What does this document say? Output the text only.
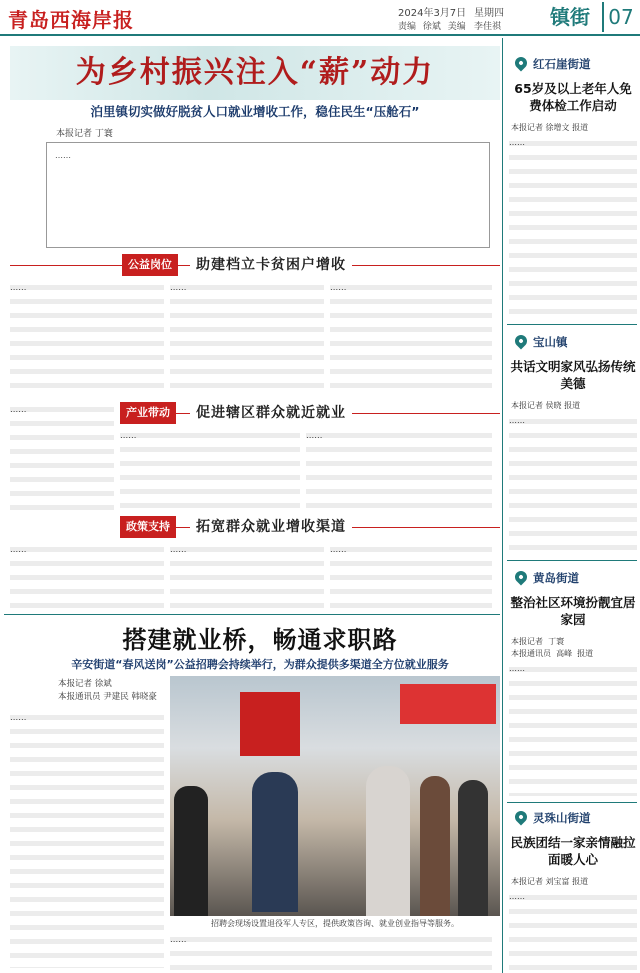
青岛西海岸报	2024年3月7日 星期四
责编 徐斌 美编 李佳祺	镇街 07
为乡村振兴注入“薪”动力
泊里镇切实做好脱贫人口就业增收工作，稳住民生“压舱石”
本报记者 丁寰
……
公益岗位	助建档立卡贫困户增收
……	……	……
产业带动	促进辖区群众就近就业
……
……	……
政策支持	拓宽群众就业增收渠道
……	……	……
搭建就业桥，畅通求职路
辛安街道“春风送岗”公益招聘会持续举行，为群众提供多渠道全方位就业服务
本报记者 徐斌
本报通讯员 尹建民 韩晓豪
……
招聘会现场设置退役军人专区，提供政策咨询、就业创业指导等服务。
……
红石崖街道
65岁及以上老年人免费体检工作启动
本报记者 徐增文 报道
……
宝山镇
共话文明家风弘扬传统美德
本报记者 侯晓 报道
……
黄岛街道
整治社区环境扮靓宜居家园
本报记者  丁寰
本报通讯员  高峰  报道
……
灵珠山街道
民族团结一家亲情融拉面暖人心
本报记者 刘宝富 报道
……
